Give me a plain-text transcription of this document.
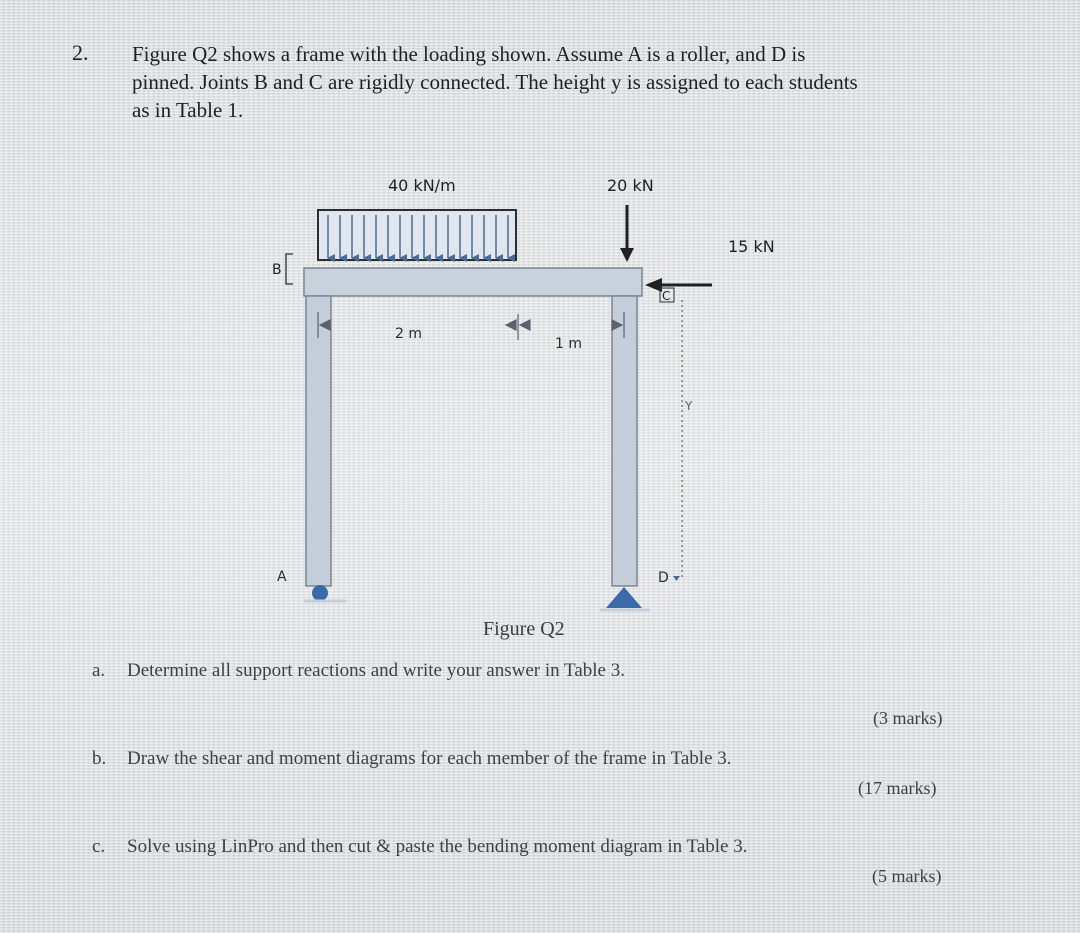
2. Figure Q2 shows a frame with the loading shown. Assume A is a roller, and D is
pinned. Joints B and C are rigidly connected. The height y is assigned to each students
as in Table 1.
40 kN/m	20 kN
15 kN
2 m
1 m
Y
B
C
A	D
Figure Q2
a. Determine all support reactions and write your answer in Table 3.
(3 marks)
b. Draw the shear and moment diagrams for each member of the frame in Table 3.
(17 marks)
c. Solve using LinPro and then cut & paste the bending moment diagram in Table 3.
(5 marks)
